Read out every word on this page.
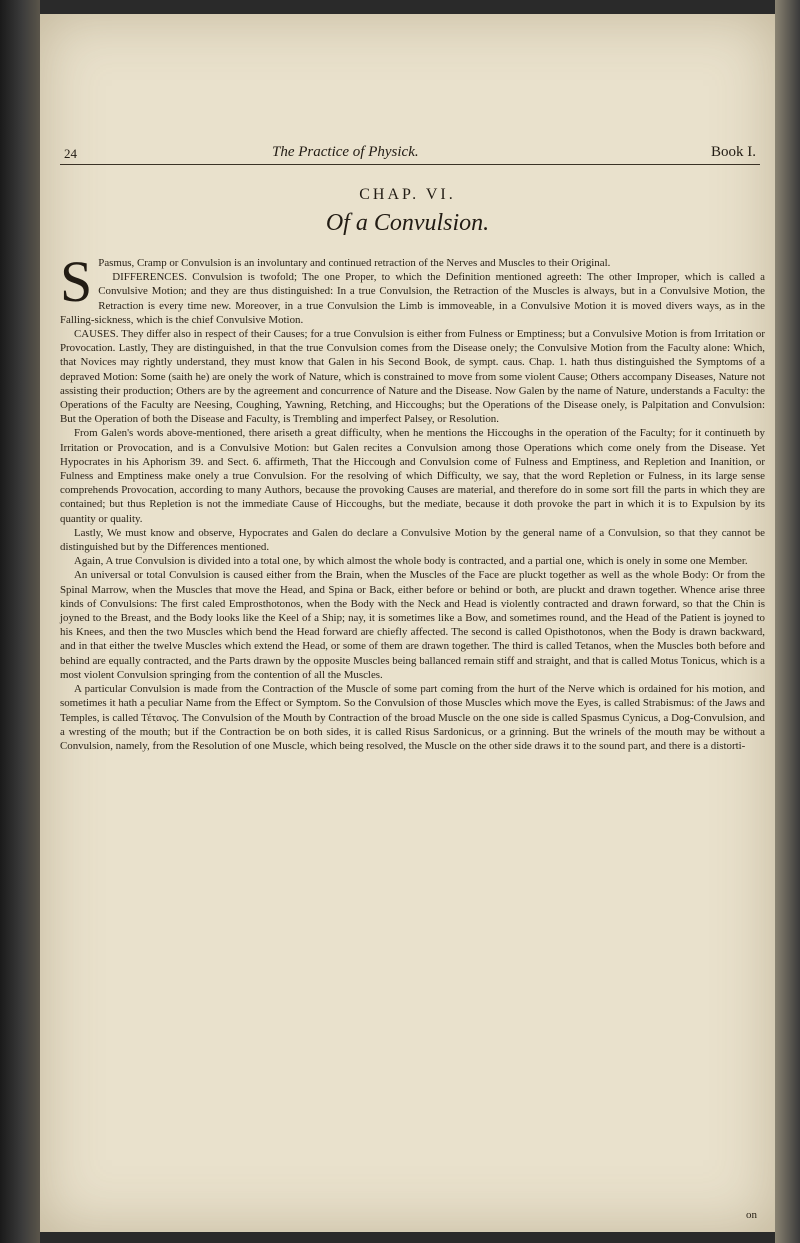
24	The Practice of Physick.	Book I.
CHAP. VI.
Of a Convulsion.

S Pasmus, Cramp or Convulsion is an involuntary and continued retraction of the Nerves and Muscles to their Original.

DIFFERENCES. Convulsion is twofold; The one Proper, to which the Definition mentioned agreeth: The other Improper, which is called a Convulsive Motion; and they are thus distinguished: In a true Convulsion, the Retraction of the Muscles is always, but in a Convulsive Motion, the Retraction is every time new. Moreover, in a true Convulsion the Limb is immoveable, in a Convulsive Motion it is moved divers ways, as in the Falling-sickness, which is the chief Convulsive Motion.

CAUSES. They differ also in respect of their Causes; for a true Convulsion is either from Fulness or Emptiness; but a Convulsive Motion is from Irritation or Provocation. Lastly, They are distinguished, in that the true Convulsion comes from the Disease onely; the Convulsive Motion from the Faculty alone: Which, that Novices may rightly understand, they must know that Galen in his Second Book, de sympt. caus. Chap. 1. hath thus distinguished the Symptoms of a depraved Motion: Some (saith he) are onely the work of Nature, which is constrained to move from some violent Cause; Others accompany Diseases, Nature not assisting their production; Others are by the agreement and concurrence of Nature and the Disease. Now Galen by the name of Nature, understands a Faculty: the Operations of the Faculty are Neesing, Coughing, Yawning, Retching, and Hiccoughs; but the Operations of the Disease onely, is Palpitation and Convulsion: But the Operation of both the Disease and Faculty, is Trembling and imperfect Palsey, or Resolution.

From Galen's words above-mentioned, there ariseth a great difficulty, when he mentions the Hiccoughs in the operation of the Faculty; for it continueth by Irritation or Provocation, and is a Convulsive Motion: but Galen recites a Convulsion among those Operations which come onely from the Disease. Yet Hypocrates in his Aphorism 39. and Sect. 6. affirmeth, That the Hiccough and Convulsion come of Fulness and Emptiness, and Repletion and Inanition, or Fulness and Emptiness make onely a true Convulsion. For the resolving of which Difficulty, we say, that the word Repletion or Fulness, in its large sense comprehends Provocation, according to many Authors, because the provoking Causes are material, and therefore do in some sort fill the parts in which they are contained; but thus Repletion is not the immediate Cause of Hiccoughs, but the mediate, because it doth provoke the part in which it is to Expulsion by its quantity or quality.

Lastly, We must know and observe, Hypocrates and Galen do declare a Convulsive Motion by the general name of a Convulsion, so that they cannot be distinguished but by the Differences mentioned.

Again, A true Convulsion is divided into a total one, by which almost the whole body is contracted, and a partial one, which is onely in some one Member.

An universal or total Convulsion is caused either from the Brain, when the Muscles of the Face are pluckt together as well as the whole Body: Or from the Spinal Marrow, when the Muscles that move the Head, and Spina or Back, either before or behind or both, are pluckt and drawn together. Whence arise three kinds of Convulsions: The first caled Emprosthotonos, when the Body with the Neck and Head is violently contracted and drawn forward, so that the Chin is joyned to the Breast, and the Body looks like the Keel of a Ship; nay, it is sometimes like a Bow, and sometimes round, and the Head of the Patient is joyned to his Knees, and then the two Muscles which bend the Head forward are chiefly affected. The second is called Opisthotonos, when the Body is drawn backward, and in that either the twelve Muscles which extend the Head, or some of them are drawn together. The third is called Tetanos, when the Muscles both before and behind are equally contracted, and the Parts drawn by the opposite Muscles being ballanced remain stiff and straight, and that is called Motus Tonicus, which is a most violent Convulsion springing from the contention of all the Muscles.

A particular Convulsion is made from the Contraction of the Muscle of some part coming from the hurt of the Nerve which is ordained for his motion, and sometimes it hath a peculiar Name from the Effect or Symptom. So the Convulsion of those Muscles which move the Eyes, is called Strabismus: of the Jaws and Temples, is called Τέτανος. The Convulsion of the Mouth by Contraction of the broad Muscle on the one side is called Spasmus Cynicus, a Dog-Convulsion, and a wresting of the mouth; but if the Contraction be on both sides, it is called Risus Sardonicus, or a grinning. But the wrinels of the mouth may be without a Convulsion, namely, from the Resolution of one Muscle, which being resolved, the Muscle on the other side draws it to the sound part, and there is a distorti-

on
